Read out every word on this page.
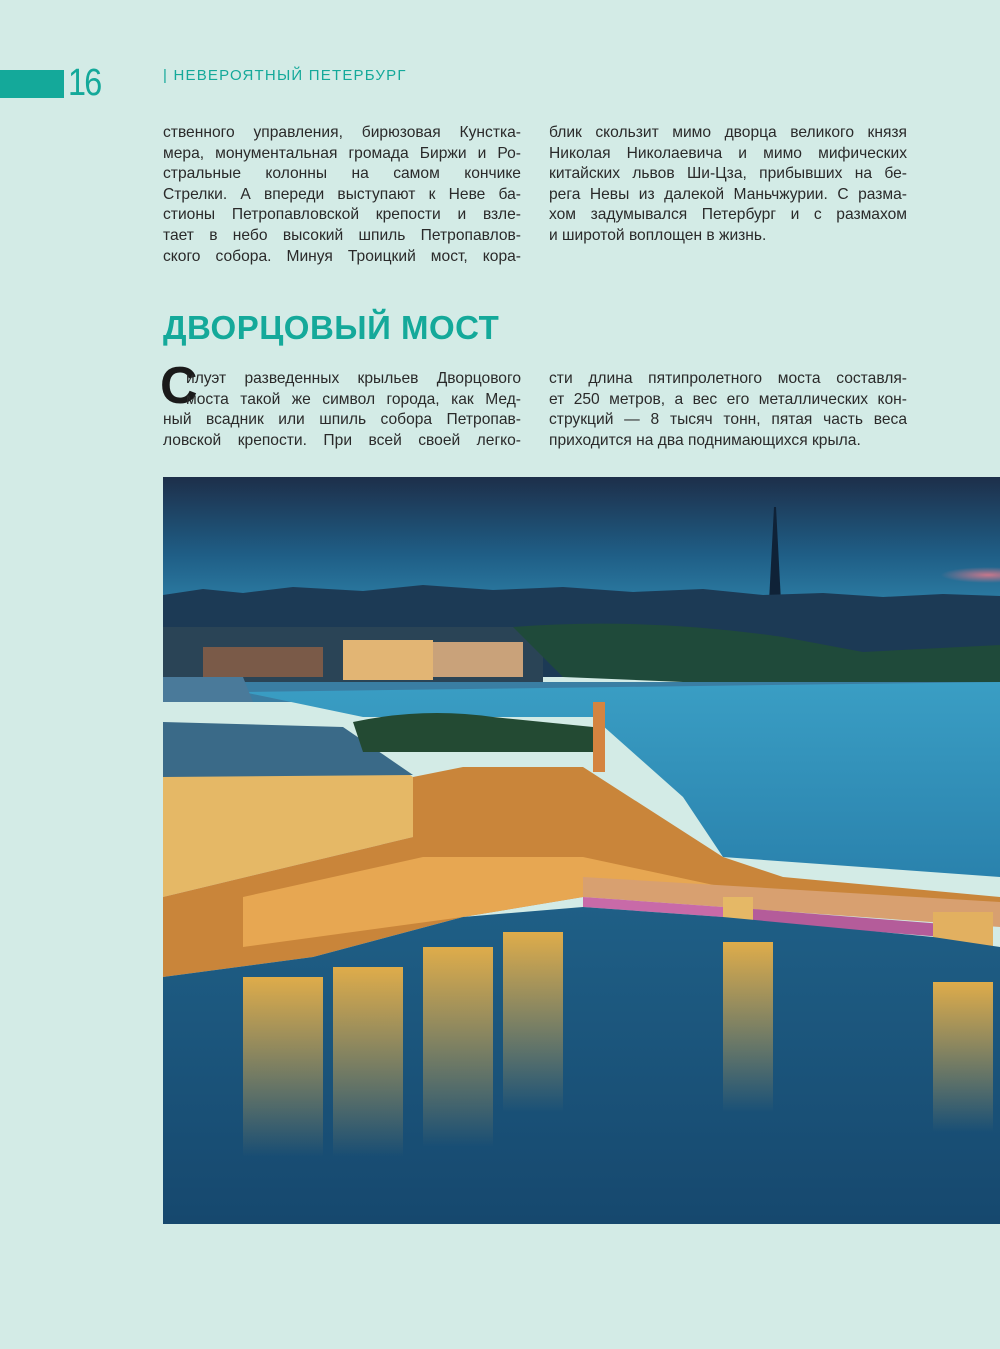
16	| НЕВЕРОЯТНЫЙ ПЕТЕРБУРГ

ственного управления, бирюзовая Кунстка-
мера, монументальная громада Биржи и Ро-
стральные колонны на самом кончике
Стрелки. А впереди выступают к Неве ба-
стионы Петропавловской крепости и взле-
тает в небо высокий шпиль Петропавлов-
ского собора. Минуя Троицкий мост, кора-

блик скользит мимо дворца великого князя
Николая Николаевича и мимо мифических
китайских львов Ши-Цза, прибывших на бе-
рега Невы из далекой Маньчжурии. С разма-
хом задумывался Петербург и с размахом
и широтой воплощен в жизнь.

ДВОРЦОВЫЙ МОСТ
С

илуэт разведенных крыльев Дворцового
моста такой же символ города, как Мед-
ный всадник или шпиль собора Петропав-
ловской крепости. При всей своей легко-

сти длина пятипролетного моста составля-
ет 250 метров, а вес его металлических кон-
струкций — 8 тысяч тонн, пятая часть веса
приходится на два поднимающихся крыла.
